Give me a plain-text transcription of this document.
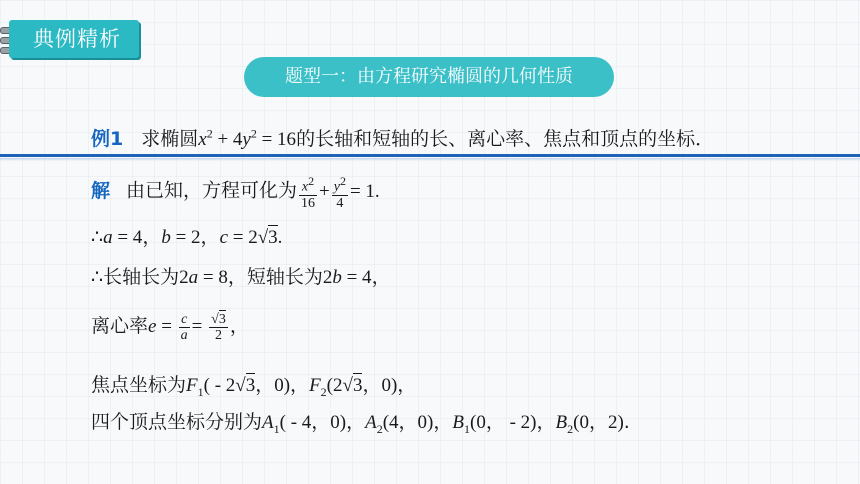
典例精析
题型一：由方程研究椭圆的几何性质
例1 求椭圆$x^2 + 4y^2 = 16$的长轴和短轴的长、离心率、焦点和顶点的坐标．
解 由已知，方程可化为 $\frac{x^2}{16} + \frac{y^2}{4} = 1$.
∴a = 4，b = 2，c = 2√3.
∴长轴长为2a = 8，短轴长为2b = 4，
离心率$e = \frac{c}{a} = \frac{√3}{2}$ ，
焦点坐标为$F_1( - 2√3$，0)，$F_2(2√3$，0)，
四个顶点坐标分别为$A_1( - 4$，0)，$A_2(4$，0)，$B_1(0$， - 2)，$B_2(0$，2).
